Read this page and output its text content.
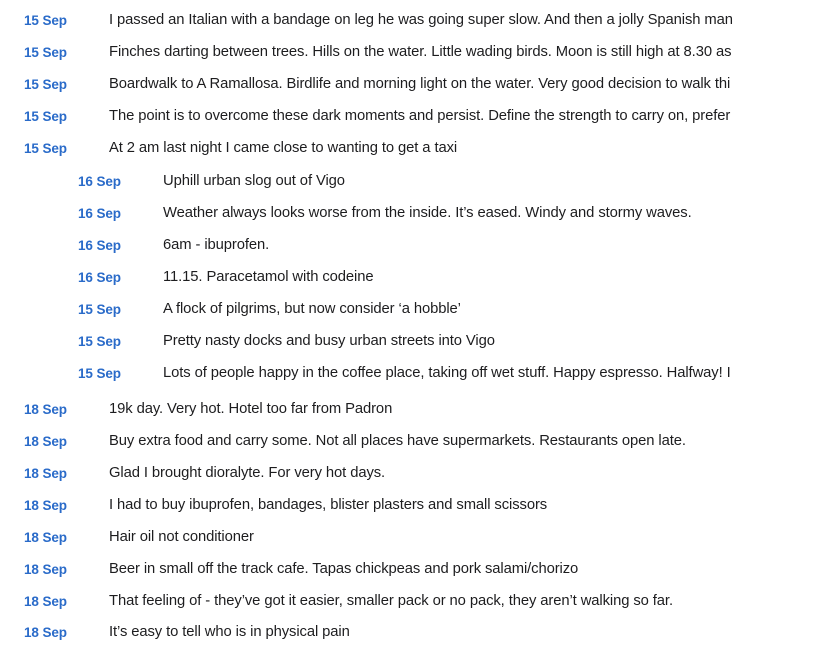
15 Sep	I passed an Italian with a bandage on leg he was going super slow. And then a jolly Spanish man
15 Sep	Finches darting between trees. Hills on the water. Little wading birds. Moon is still high at 8.30 as
15 Sep	Boardwalk to A Ramallosa. Birdlife and morning light on the water. Very good decision to walk thi
15 Sep	The point is to overcome these dark moments and persist. Define the strength to carry on, prefer
15 Sep	At 2 am last night I came close to wanting to get a taxi
16 Sep	Uphill urban slog out of Vigo
16 Sep	Weather always looks worse from the inside. It’s eased. Windy and stormy waves.
16 Sep	6am - ibuprofen.
16 Sep	11.15. Paracetamol with codeine
15 Sep	A flock of pilgrims, but now consider ‘a hobble’
15 Sep	Pretty nasty docks and busy urban streets into Vigo
15 Sep	Lots of people happy in the coffee place, taking off wet stuff. Happy espresso. Halfway! I
18 Sep	19k day. Very hot. Hotel too far from Padron
18 Sep	Buy extra food and carry some. Not all places have supermarkets. Restaurants open late.
18 Sep	Glad I brought dioralyte. For very hot days.
18 Sep	I had to buy ibuprofen, bandages, blister plasters and small scissors
18 Sep	Hair oil not conditioner
18 Sep	Beer in small off the track cafe. Tapas chickpeas and pork salami/chorizo
18 Sep	That feeling of - they’ve got it easier, smaller pack or no pack, they aren’t walking so far.
18 Sep	It’s easy to tell who is in physical pain
